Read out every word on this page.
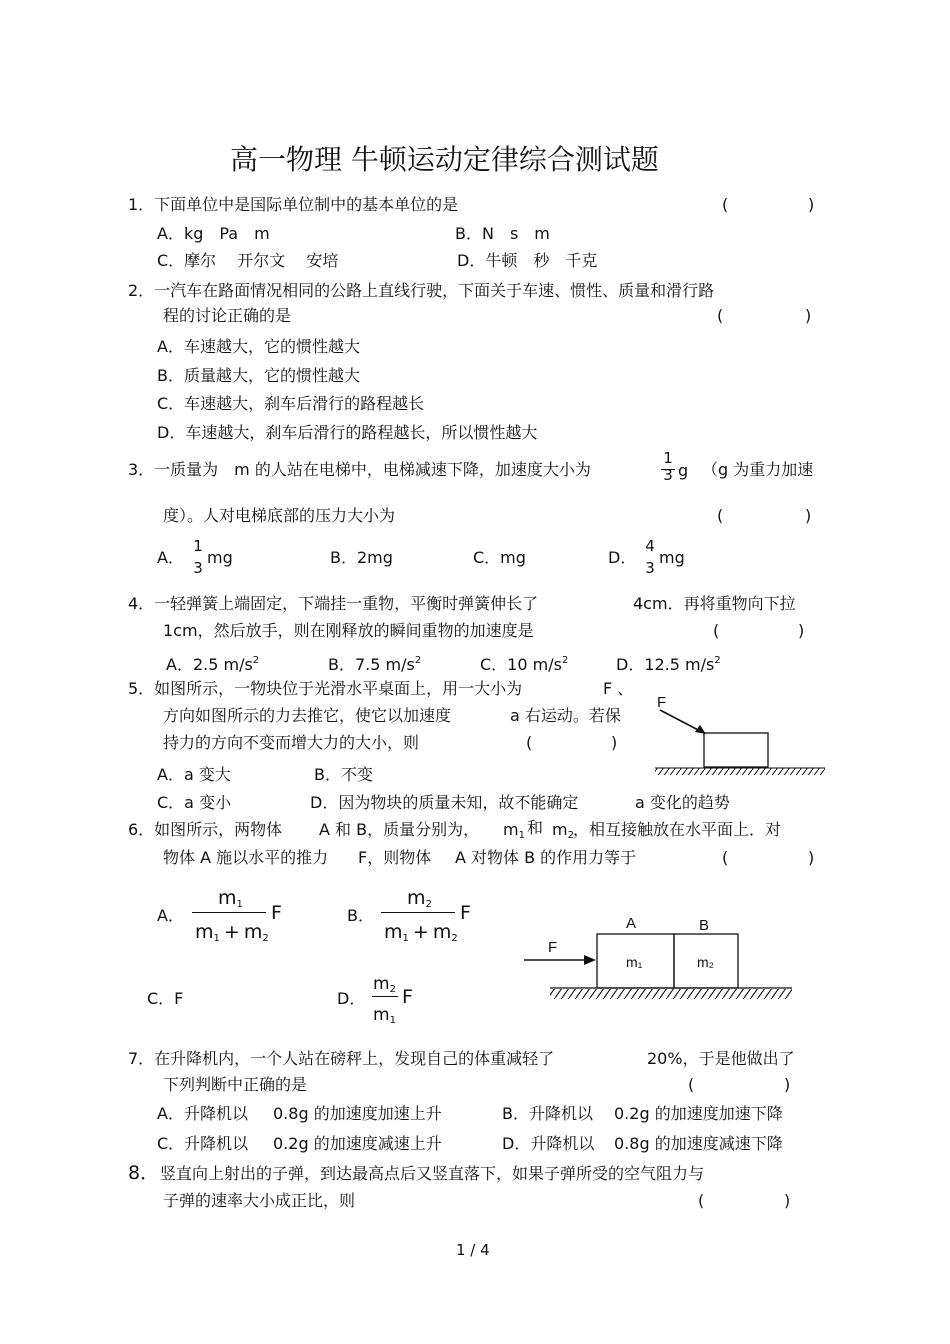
高一物理 牛顿运动定律综合测试题
1．下面单位中是国际单位制中的基本单位的是	(	)
A．kg　Pa　m	B．N　s　m
C．摩尔　 开尔文　 安培	D．牛顿　秒　千克
2．一汽车在路面情况相同的公路上直线行驶，下面关于车速、惯性、质量和滑行路
程的讨论正确的是	(	)
A．车速越大，它的惯性越大
B．质量越大，它的惯性越大
C．车速越大，刹车后滑行的路程越长
D．车速越大，刹车后滑行的路程越长，所以惯性越大
3．一质量为　m 的人站在电梯中，电梯减速下降，加速度大小为
1
3 g （g 为重力加速
度）。人对电梯底部的压力大小为	(	)
A．
1
3
mg	B．2mg	C．mg	D．
4
3
mg
4．一轻弹簧上端固定，下端挂一重物，平衡时弹簧伸长了	4cm．再将重物向下拉
1cm，然后放手，则在刚释放的瞬间重物的加速度是	(	)
A．2.5 $m/s^2$	B．7.5 $m/s^2$	C．10 $m/s^2$	D．12.5 $m/s^2$
5．如图所示，一物块位于光滑水平桌面上，用一大小为	F 、
方向如图所示的力去推它，使它以加速度	a 右运动。若保
持力的方向不变而增大力的大小，则	(	)
A．a 变大	B．不变
C．a 变小	D．因为物块的质量未知，故不能确定	a 变化的趋势
F
6．如图所示，两物体 A 和 B，质量分别为， $m_1$ 和 $m_2$ ，相互接触放在水平面上．对
物体 A 施以水平的推力 F，则物体 A 对物体 B 的作用力等于	(	)
A．
$m_1$
$m_1 + m_2$
F	B．
$m_2$
$m_1 + m_2$
F
C．F	D．
$m_2$
$m_1$
F
A	B
F
m₁	m₂
7．在升降机内，一个人站在磅秤上，发现自己的体重减轻了	20%，于是他做出了
下列判断中正确的是	(	)
A．升降机以 0.8g 的加速度加速上升	B．升降机以 0.2g 的加速度加速下降
C．升降机以 0.2g 的加速度减速上升	D．升降机以 0.8g 的加速度减速下降
8． 竖直向上射出的子弹，到达最高点后又竖直落下，如果子弹所受的空气阻力与
子弹的速率大小成正比，则	(	)
1 / 4
